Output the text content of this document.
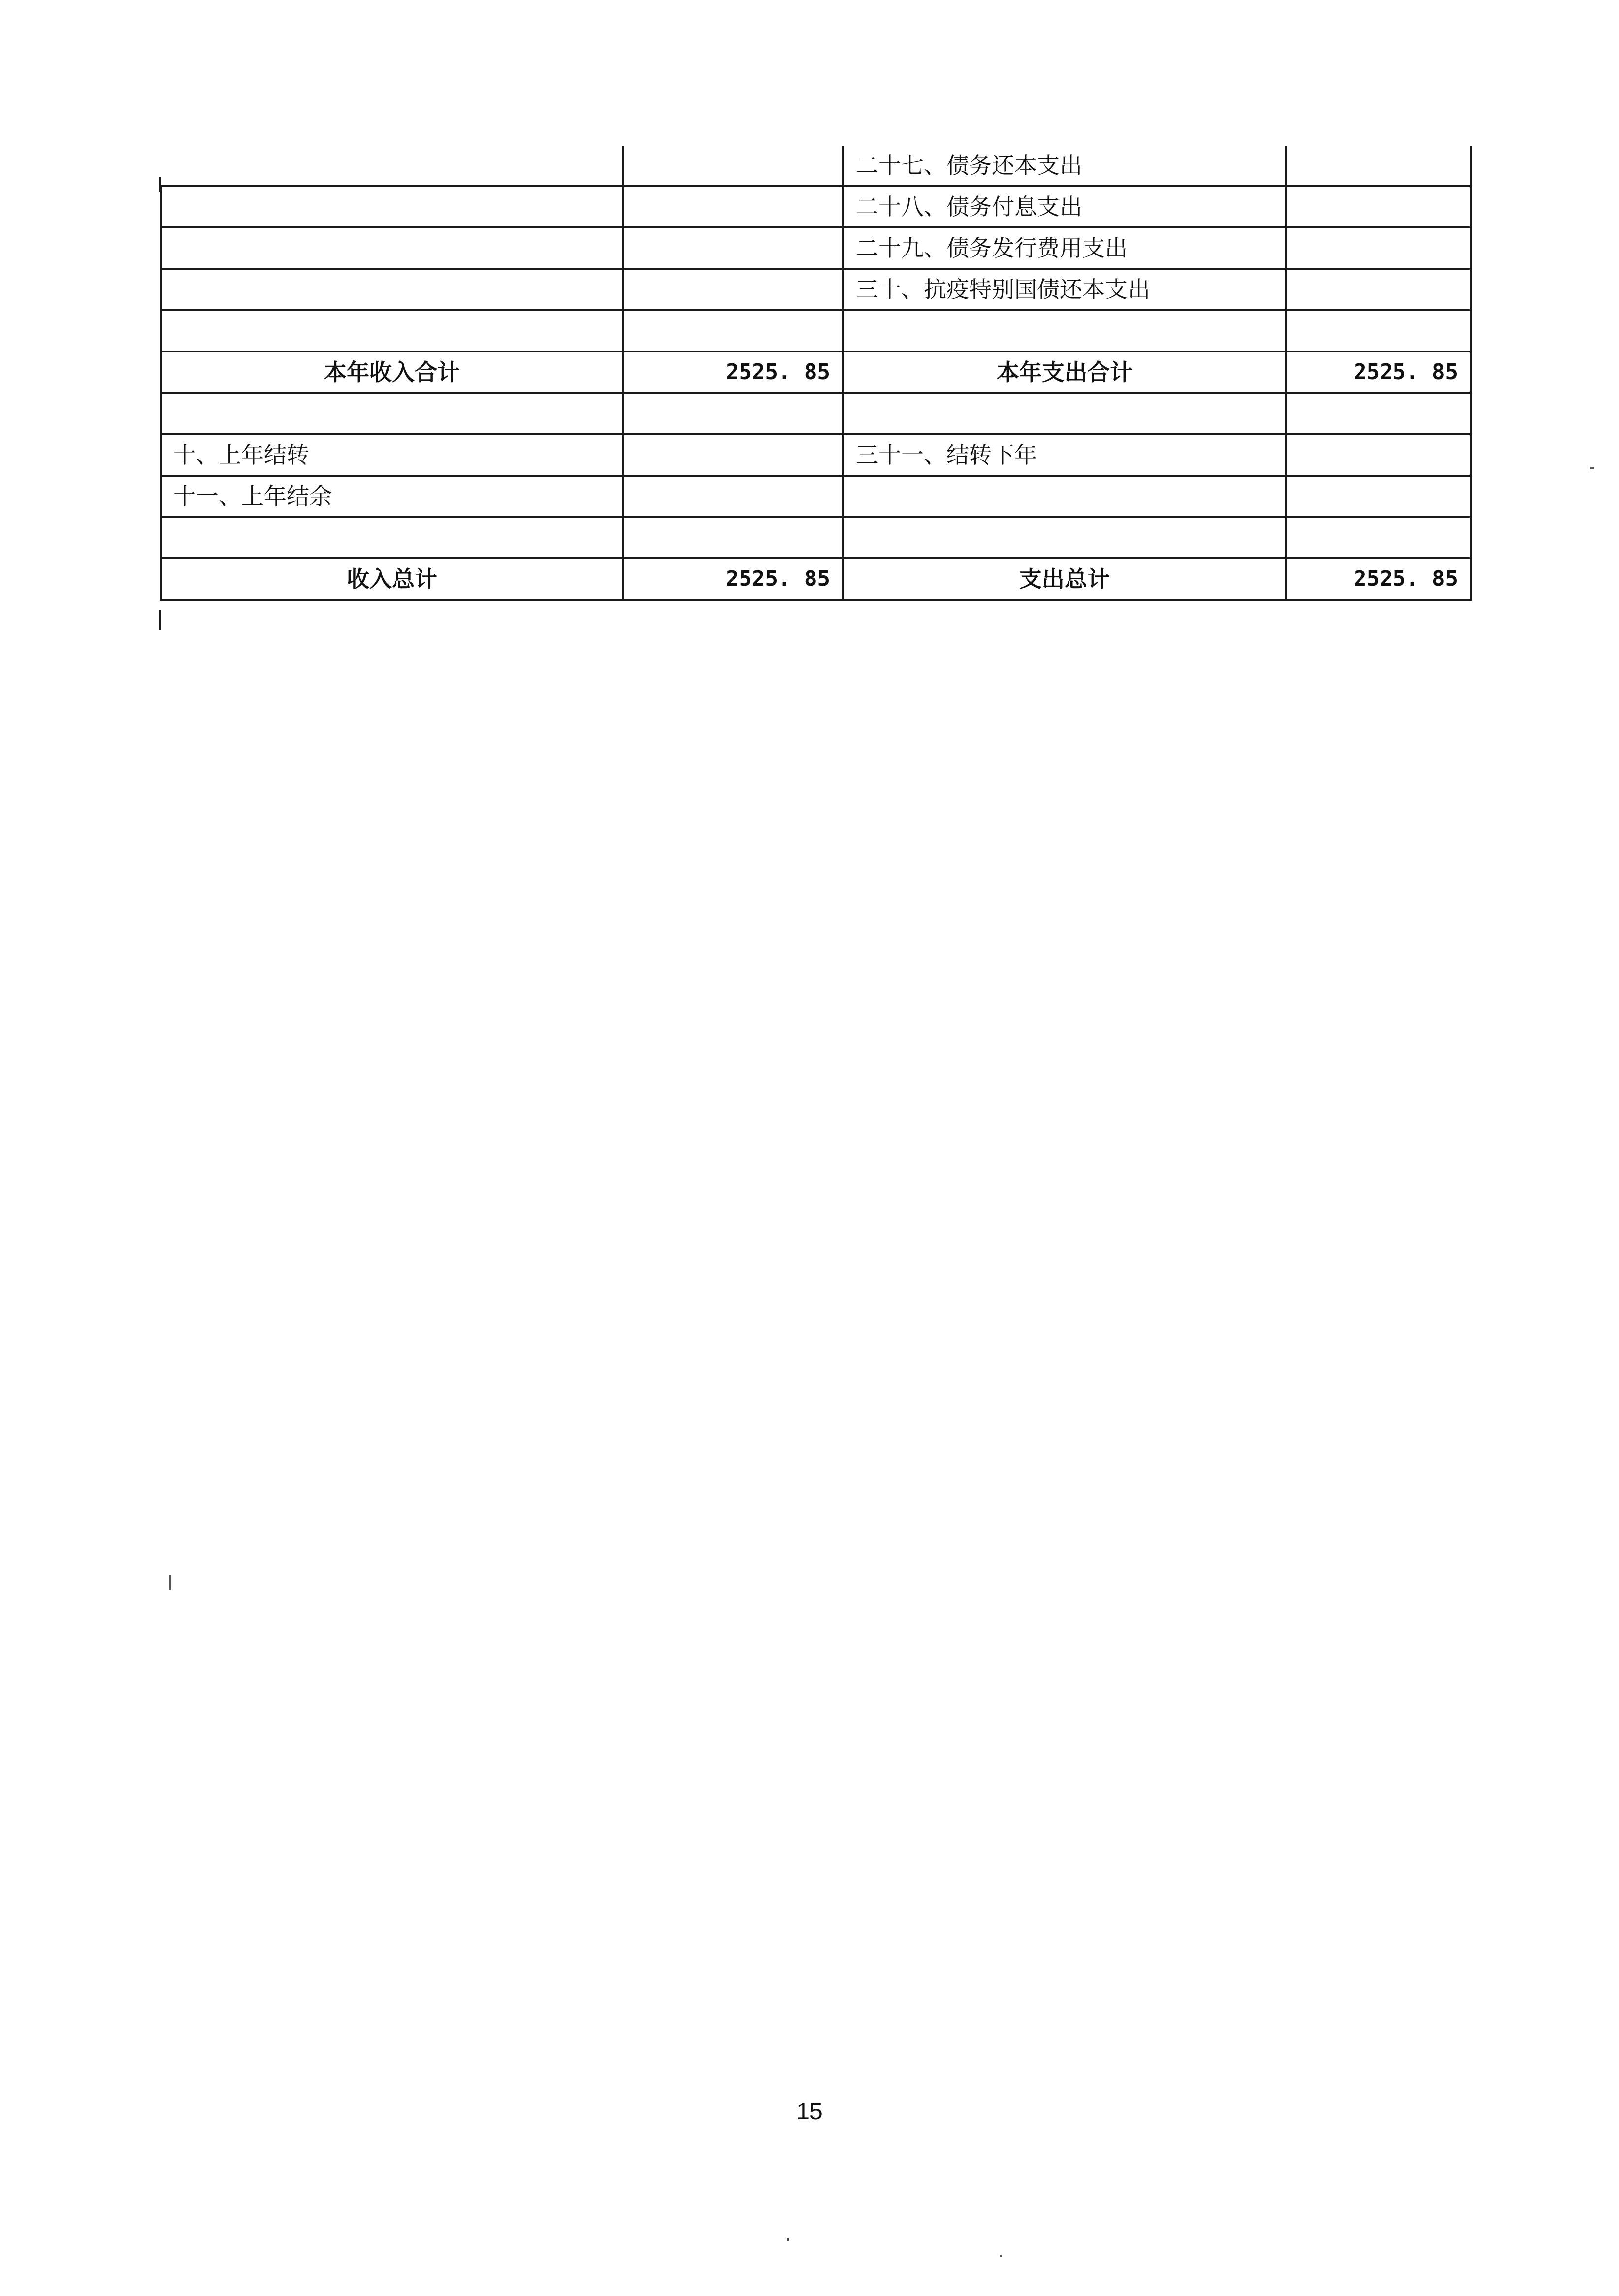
		二十七、债务还本支出	
		二十八、债务付息支出	
		二十九、债务发行费用支出	
		三十、抗疫特别国债还本支出	

本年收入合计	2525. 85	本年支出合计	2525. 85

十、上年结转		三十一、结转下年	
十一、上年结余			

收入总计	2525. 85	支出总计	2525. 85
15
